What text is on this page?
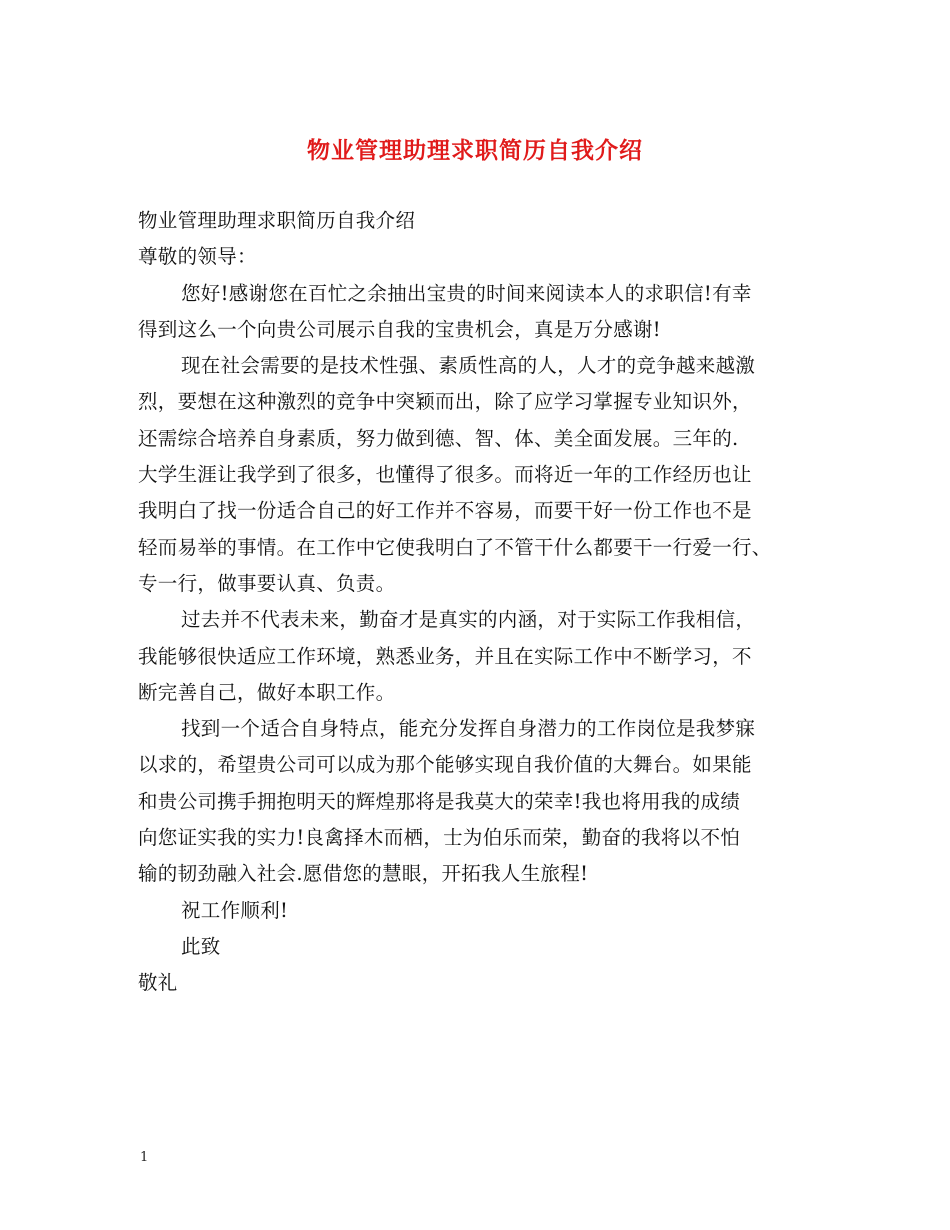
物业管理助理求职简历自我介绍
物业管理助理求职简历自我介绍
尊敬的领导：
您好!感谢您在百忙之余抽出宝贵的时间来阅读本人的求职信!有幸
得到这么一个向贵公司展示自我的宝贵机会，真是万分感谢!
现在社会需要的是技术性强、素质性高的人，人才的竞争越来越激
烈，要想在这种激烈的竞争中突颖而出，除了应学习掌握专业知识外，
还需综合培养自身素质，努力做到德、智、体、美全面发展。三年的.
大学生涯让我学到了很多，也懂得了很多。而将近一年的工作经历也让
我明白了找一份适合自己的好工作并不容易，而要干好一份工作也不是
轻而易举的事情。在工作中它使我明白了不管干什么都要干一行爱一行、
专一行，做事要认真、负责。
过去并不代表未来，勤奋才是真实的内涵，对于实际工作我相信，
我能够很快适应工作环境，熟悉业务，并且在实际工作中不断学习，不
断完善自己，做好本职工作。
找到一个适合自身特点，能充分发挥自身潜力的工作岗位是我梦寐
以求的，希望贵公司可以成为那个能够实现自我价值的大舞台。如果能
和贵公司携手拥抱明天的辉煌那将是我莫大的荣幸!我也将用我的成绩
向您证实我的实力!良禽择木而栖，士为伯乐而荣，勤奋的我将以不怕
输的韧劲融入社会.愿借您的慧眼，开拓我人生旅程!
祝工作顺利!
此致
敬礼
1
